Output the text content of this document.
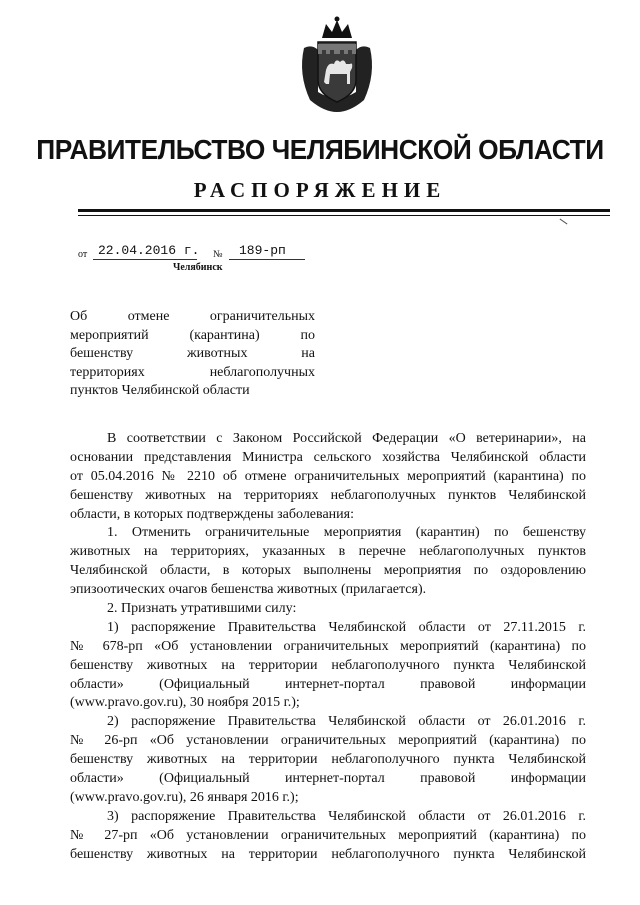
ПРАВИТЕЛЬСТВО ЧЕЛЯБИНСКОЙ ОБЛАСТИ
РАСПОРЯЖЕНИЕ
от 22.04.2016 г. № 189-рп
Челябинск
Об	отмене	ограничительных
мероприятий	(карантина)	по
бешенству	животных	на
территориях	неблагополучных
пунктов Челябинской области
В соответствии с Законом Российской Федерации «О ветеринарии», на
основании представления Министра сельского хозяйства Челябинской области
от 05.04.2016 № 2210 об отмене ограничительных мероприятий (карантина) по
бешенству животных на территориях неблагополучных пунктов Челябинской
области, в которых подтверждены заболевания:
1. Отменить ограничительные мероприятия (карантин) по бешенству
животных на территориях, указанных в перечне неблагополучных пунктов
Челябинской области, в которых выполнены мероприятия по оздоровлению
эпизоотических очагов бешенства животных (прилагается).
2. Признать утратившими силу:
1) распоряжение Правительства Челябинской области от 27.11.2015 г.
№ 678-рп «Об установлении ограничительных мероприятий (карантина) по
бешенству животных на территории неблагополучного пункта Челябинской
области» (Официальный интернет-портал правовой информации
(www.pravo.gov.ru), 30 ноября 2015 г.);
2) распоряжение Правительства Челябинской области от 26.01.2016 г.
№ 26-рп «Об установлении ограничительных мероприятий (карантина) по
бешенству животных на территории неблагополучного пункта Челябинской
области» (Официальный интернет-портал правовой информации
(www.pravo.gov.ru), 26 января 2016 г.);
3) распоряжение Правительства Челябинской области от 26.01.2016 г.
№ 27-рп «Об установлении ограничительных мероприятий (карантина) по
бешенству животных на территории неблагополучного пункта Челябинской
